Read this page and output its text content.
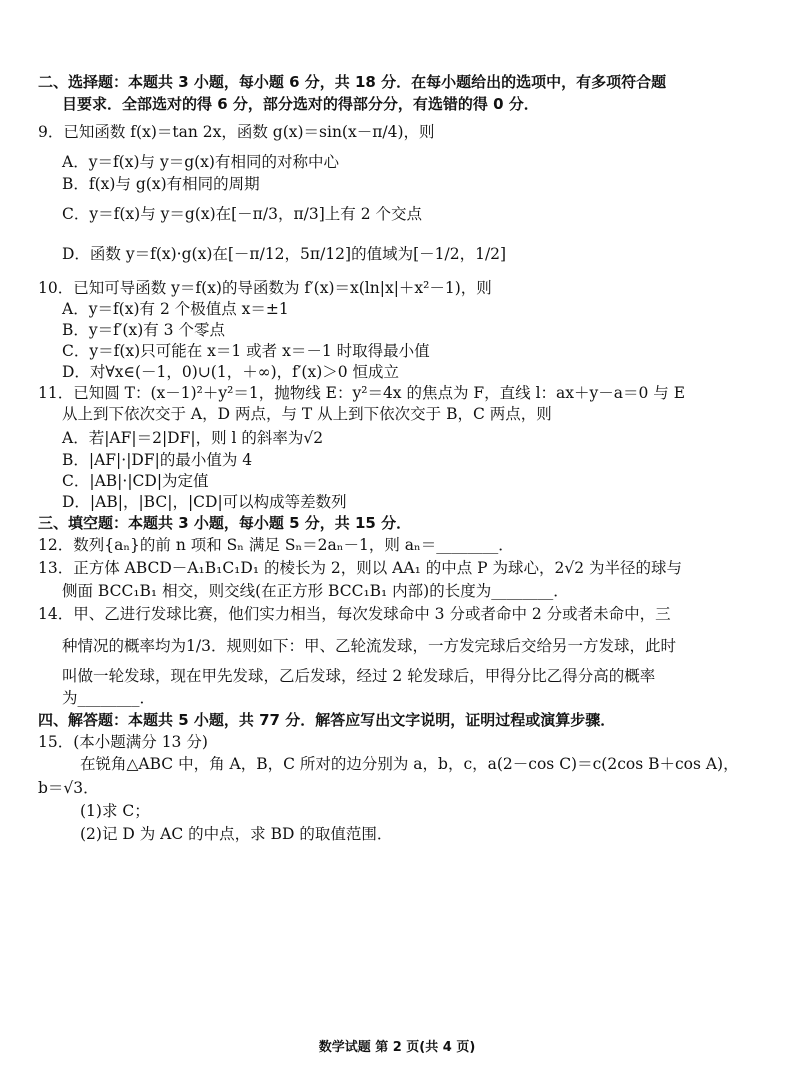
二、选择题：本题共 3 小题，每小题 6 分，共 18 分．在每小题给出的选项中，有多项符合题
目要求．全部选对的得 6 分，部分选对的得部分分，有选错的得 0 分．
9．已知函数 f(x)＝tan 2x，函数 g(x)＝sin(x－π/4)，则
A．y＝f(x)与 y＝g(x)有相同的对称中心
B．f(x)与 g(x)有相同的周期
C．y＝f(x)与 y＝g(x)在[－π/3，π/3]上有 2 个交点
D．函数 y＝f(x)·g(x)在[－π/12，5π/12]的值域为[－1/2，1/2]
10．已知可导函数 y＝f(x)的导函数为 f′(x)＝x(ln|x|＋x²－1)，则
A．y＝f(x)有 2 个极值点 x＝±1
B．y＝f′(x)有 3 个零点
C．y＝f(x)只可能在 x＝1 或者 x＝－1 时取得最小值
D．对∀x∈(－1，0)∪(1，＋∞)，f′(x)＞0 恒成立
11．已知圆 T：(x－1)²＋y²＝1，抛物线 E：y²＝4x 的焦点为 F，直线 l：ax＋y－a＝0 与 E
从上到下依次交于 A，D 两点，与 T 从上到下依次交于 B，C 两点，则
A．若|AF|＝2|DF|，则 l 的斜率为√2
B．|AF|·|DF|的最小值为 4
C．|AB|·|CD|为定值
D．|AB|，|BC|，|CD|可以构成等差数列
三、填空题：本题共 3 小题，每小题 5 分，共 15 分．
12．数列{aₙ}的前 n 项和 Sₙ 满足 Sₙ＝2aₙ－1，则 aₙ＝________．
13．正方体 ABCD－A₁B₁C₁D₁ 的棱长为 2，则以 AA₁ 的中点 P 为球心，2√2 为半径的球与
侧面 BCC₁B₁ 相交，则交线(在正方形 BCC₁B₁ 内部)的长度为________．
14．甲、乙进行发球比赛，他们实力相当，每次发球命中 3 分或者命中 2 分或者未命中，三
种情况的概率均为1/3．规则如下：甲、乙轮流发球，一方发完球后交给另一方发球，此时
叫做一轮发球，现在甲先发球，乙后发球，经过 2 轮发球后，甲得分比乙得分高的概率
为________．
四、解答题：本题共 5 小题，共 77 分．解答应写出文字说明，证明过程或演算步骤．
15．(本小题满分 13 分)
在锐角△ABC 中，角 A，B，C 所对的边分别为 a，b，c，a(2－cos C)＝c(2cos B＋cos A)，
b＝√3．
(1)求 C；
(2)记 D 为 AC 的中点，求 BD 的取值范围．
数学试题 第 2 页(共 4 页)
